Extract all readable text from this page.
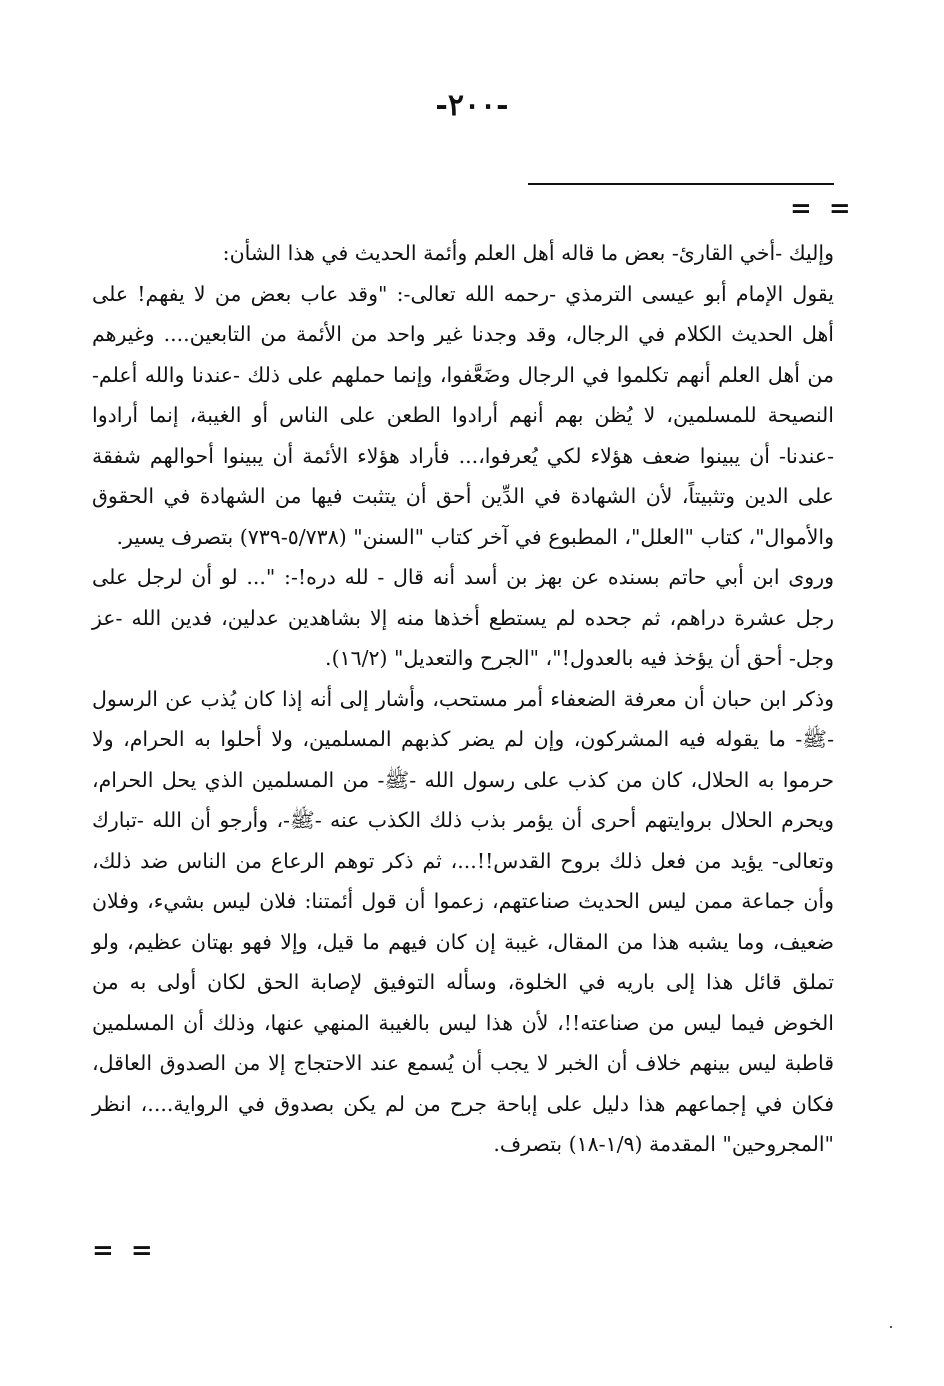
-٢٠٠-
= =

وإليك -أخي القارئ- بعض ما قاله أهل العلم وأئمة الحديث في هذا الشأن:

يقول الإمام أبو عيسى الترمذي -رحمه الله تعالى-: "وقد عاب بعض من لا يفهم! على أهل الحديث الكلام في الرجال، وقد وجدنا غير واحد من الأئمة من التابعين.... وغيرهم من أهل العلم أنهم تكلموا في الرجال وضَعَّفوا، وإنما حملهم على ذلك -عندنا والله أعلم- النصيحة للمسلمين، لا يُظن بهم أنهم أرادوا الطعن على الناس أو الغيبة، إنما أرادوا -عندنا- أن يبينوا ضعف هؤلاء لكي يُعرفوا،... فأراد هؤلاء الأئمة أن يبينوا أحوالهم شفقة على الدين وتثبيتاً، لأن الشهادة في الدِّين أحق أن يتثبت فيها من الشهادة في الحقوق والأموال"، كتاب "العلل"، المطبوع في آخر كتاب "السنن" (٥/٧٣٨-٧٣٩) بتصرف يسير.

وروى ابن أبي حاتم بسنده عن بهز بن أسد أنه قال - لله دره!-: "... لو أن لرجل على رجل عشرة دراهم، ثم جحده لم يستطع أخذها منه إلا بشاهدين عدلين، فدين الله -عز وجل- أحق أن يؤخذ فيه بالعدول!"، "الجرح والتعديل" (١٦/٢).

وذكر ابن حبان أن معرفة الضعفاء أمر مستحب، وأشار إلى أنه إذا كان يُذب عن الرسول -ﷺ- ما يقوله فيه المشركون، وإن لم يضر كذبهم المسلمين، ولا أحلوا به الحرام، ولا حرموا به الحلال، كان من كذب على رسول الله -ﷺ- من المسلمين الذي يحل الحرام، ويحرم الحلال بروايتهم أحرى أن يؤمر بذب ذلك الكذب عنه -ﷺ-، وأرجو أن الله -تبارك وتعالى- يؤيد من فعل ذلك بروح القدس!!...، ثم ذكر توهم الرعاع من الناس ضد ذلك، وأن جماعة ممن ليس الحديث صناعتهم، زعموا أن قول أئمتنا: فلان ليس بشيء، وفلان ضعيف، وما يشبه هذا من المقال، غيبة إن كان فيهم ما قيل، وإلا فهو بهتان عظيم، ولو تملق قائل هذا إلى باريه في الخلوة، وسأله التوفيق لإصابة الحق لكان أولى به من الخوض فيما ليس من صناعته!!، لأن هذا ليس بالغيبة المنهي عنها، وذلك أن المسلمين قاطبة ليس بينهم خلاف أن الخبر لا يجب أن يُسمع عند الاحتجاج إلا من الصدوق العاقل، فكان في إجماعهم هذا دليل على إباحة جرح من لم يكن بصدوق في الرواية....، انظر "المجروحين" المقدمة (١/٩-١٨) بتصرف.

= =
